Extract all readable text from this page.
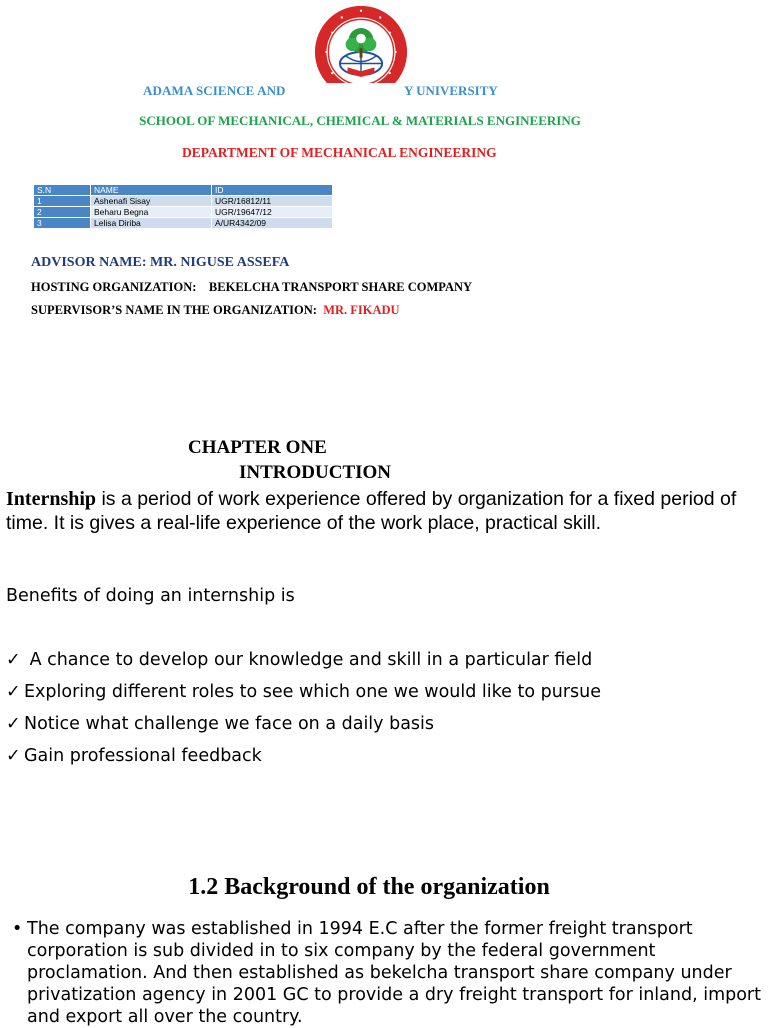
ADAMA SCIENCE AND	Y UNIVERSITY
SCHOOL OF MECHANICAL, CHEMICAL & MATERIALS ENGINEERING
DEPARTMENT OF MECHANICAL ENGINEERING
S.N	NAME	ID
1	Ashenafi Sisay	UGR/16812/11
2	Beharu Begna	UGR/19647/12
3	Lelisa Diriba	A/UR4342/09
ADVISOR NAME: MR. NIGUSE ASSEFA
HOSTING ORGANIZATION: BEKELCHA TRANSPORT SHARE COMPANY
SUPERVISOR’S NAME IN THE ORGANIZATION: MR. FIKADU
CHAPTER ONE
INTRODUCTION
Internship is a period of work experience offered by organization for a fixed period of time. It is gives a real-life experience of the work place, practical skill.
Benefits of doing an internship is
✓ A chance to develop our knowledge and skill in a particular field
✓ Exploring different roles to see which one we would like to pursue
✓ Notice what challenge we face on a daily basis
✓ Gain professional feedback
1.2 Background of the organization
• The company was established in 1994 E.C after the former freight transport corporation is sub divided in to six company by the federal government proclamation. And then established as bekelcha transport share company under privatization agency in 2001 GC to provide a dry freight transport for inland, import and export all over the country.
